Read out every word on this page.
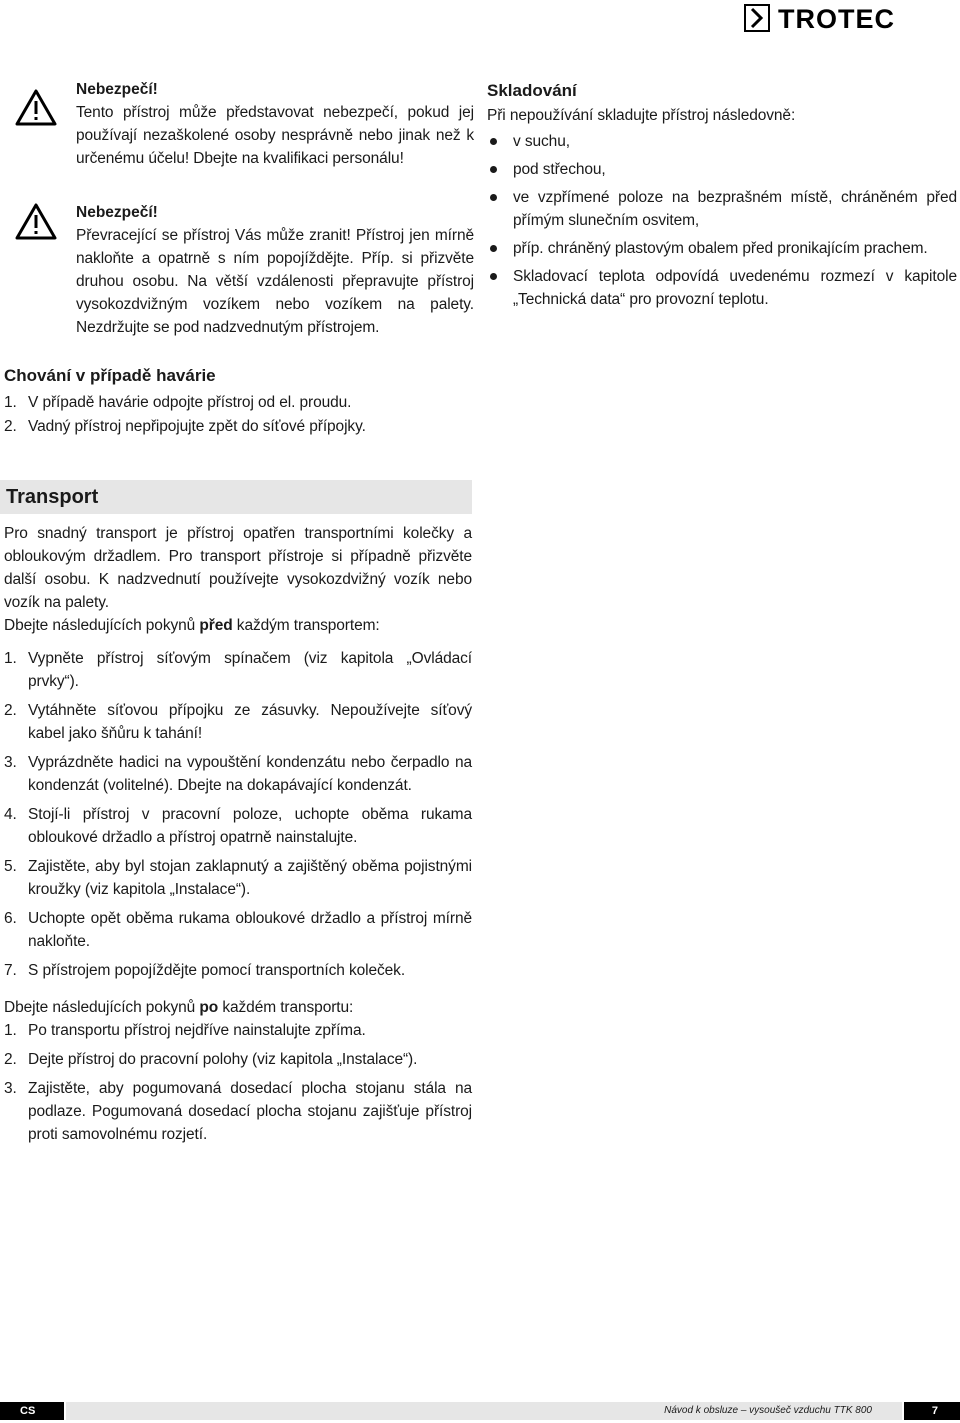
TROTEC
Nebezpečí!
Tento přístroj může představovat nebezpečí, pokud jej používají nezaškolené osoby nesprávně nebo jinak než k určenému účelu! Dbejte na kvalifikaci personálu!
Nebezpečí!
Převracející se přístroj Vás může zranit! Přístroj jen mírně nakloňte a opatrně s ním popojíždějte. Příp. si přizvěte druhou osobu. Na větší vzdálenosti přepravujte přístroj vysokozdvižným vozíkem nebo vozíkem na palety. Nezdržujte se pod nadzvednutým přístrojem.
Chování v případě havárie
1. V případě havárie odpojte přístroj od el. proudu.
2. Vadný přístroj nepřipojujte zpět do síťové přípojky.
Skladování
Při nepoužívání skladujte přístroj následovně:
v suchu,
pod střechou,
ve vzpřímené poloze na bezprašném místě, chráněném před přímým slunečním osvitem,
příp. chráněný plastovým obalem před pronikajícím prachem.
Skladovací teplota odpovídá uvedenému rozmezí v kapitole „Technická data“ pro provozní teplotu.
Transport
Pro snadný transport je přístroj opatřen transportními kolečky a obloukovým držadlem. Pro transport přístroje si případně přizvěte další osobu. K nadzvednutí používejte vysokozdvižný vozík nebo vozík na palety.
Dbejte následujících pokynů před každým transportem:
1. Vypněte přístroj síťovým spínačem (viz kapitola „Ovládací prvky“).
2. Vytáhněte síťovou přípojku ze zásuvky. Nepoužívejte síťový kabel jako šňůru k tahání!
3. Vyprázdněte hadici na vypouštění kondenzátu nebo čerpadlo na kondenzát (volitelné). Dbejte na dokapávající kondenzát.
4. Stojí-li přístroj v pracovní poloze, uchopte oběma rukama obloukové držadlo a přístroj opatrně nainstalujte.
5. Zajistěte, aby byl stojan zaklapnutý a zajištěný oběma pojistnými kroužky (viz kapitola „Instalace“).
6. Uchopte opět oběma rukama obloukové držadlo a přístroj mírně nakloňte.
7. S přístrojem popojíždějte pomocí transportních koleček.
Dbejte následujících pokynů po každém transportu:
1. Po transportu přístroj nejdříve nainstalujte zpříma.
2. Dejte přístroj do pracovní polohy (viz kapitola „Instalace“).
3. Zajistěte, aby pogumovaná dosedací plocha stojanu stála na podlaze. Pogumovaná dosedací plocha stojanu zajišťuje přístroj proti samovolnému rozjetí.
CS	Návod k obsluze – vysoušeč vzduchu TTK 800	7
